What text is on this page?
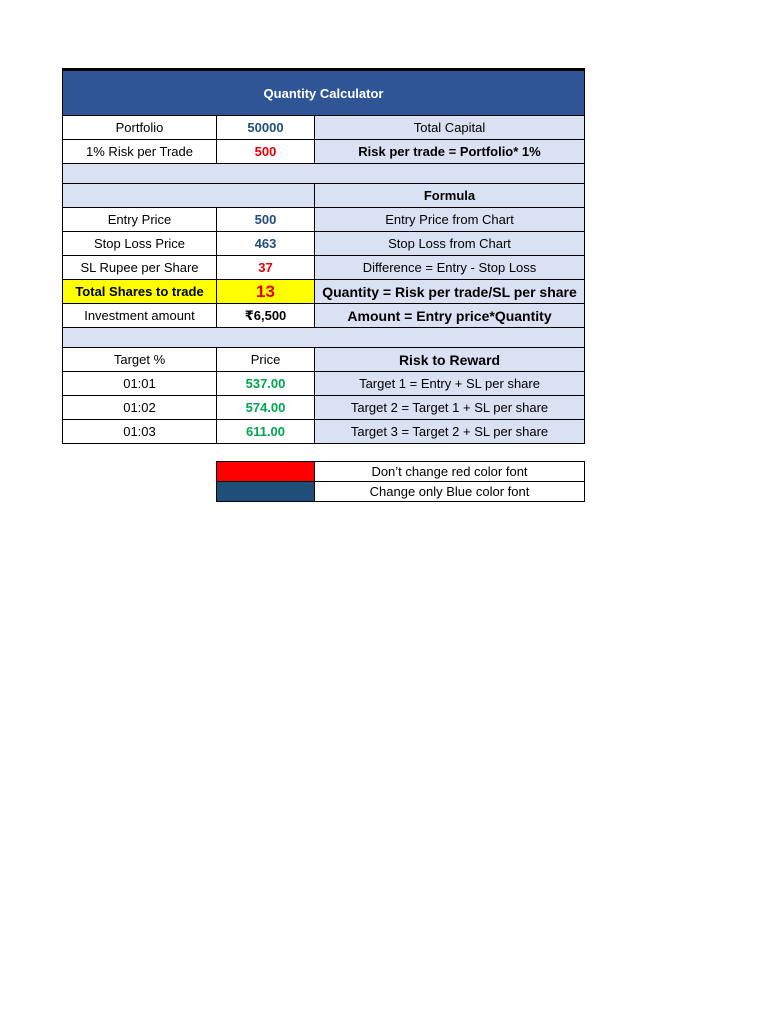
Quantity Calculator		
Portfolio	50000	Total Capital
1% Risk per Trade	500	Risk per trade = Portfolio* 1%

		Formula
Entry Price	500	Entry Price from Chart
Stop Loss Price	463	Stop Loss from Chart
SL Rupee per Share	37	Difference = Entry - Stop Loss
Total Shares to trade	13	Quantity = Risk per trade/SL per share
Investment amount	₹6,500	Amount = Entry price*Quantity

Target %	Price	Risk to Reward
01:01	537.00	Target 1 = Entry + SL per share
01:02	574.00	Target 2 = Target 1 + SL per share
01:03	611.00	Target 3 = Target 2 + SL per share
	Don’t change red color font
	Change only Blue color font
